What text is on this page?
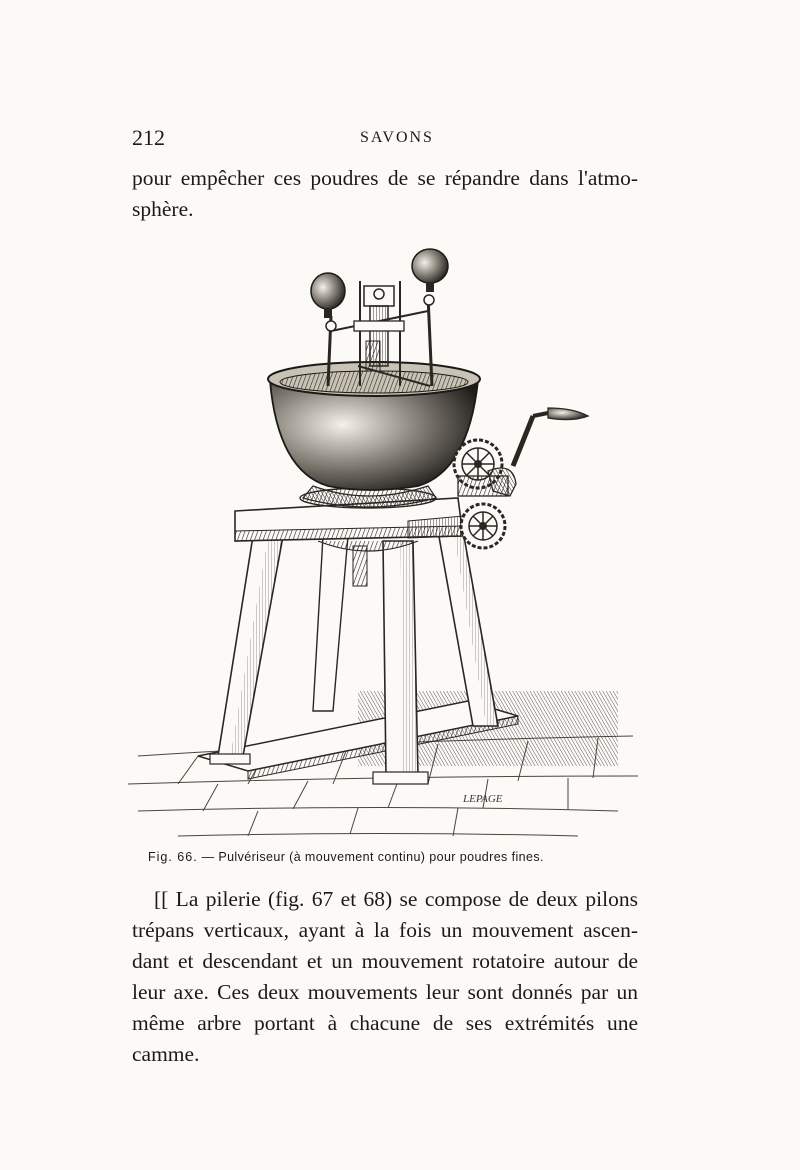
212	SAVONS

pour empêcher ces poudres de se répandre dans l'atmo-sphère.

LEPAGE
Fig. 66. — Pulvériseur (à mouvement continu) pour poudres fines.

[[ La pilerie (fig. 67 et 68) se compose de deux pilons trépans verticaux, ayant à la fois un mouvement ascen-dant et descendant et un mouvement rotatoire autour de leur axe. Ces deux mouvements leur sont donnés par un même arbre portant à chacune de ses extrémités une camme.
